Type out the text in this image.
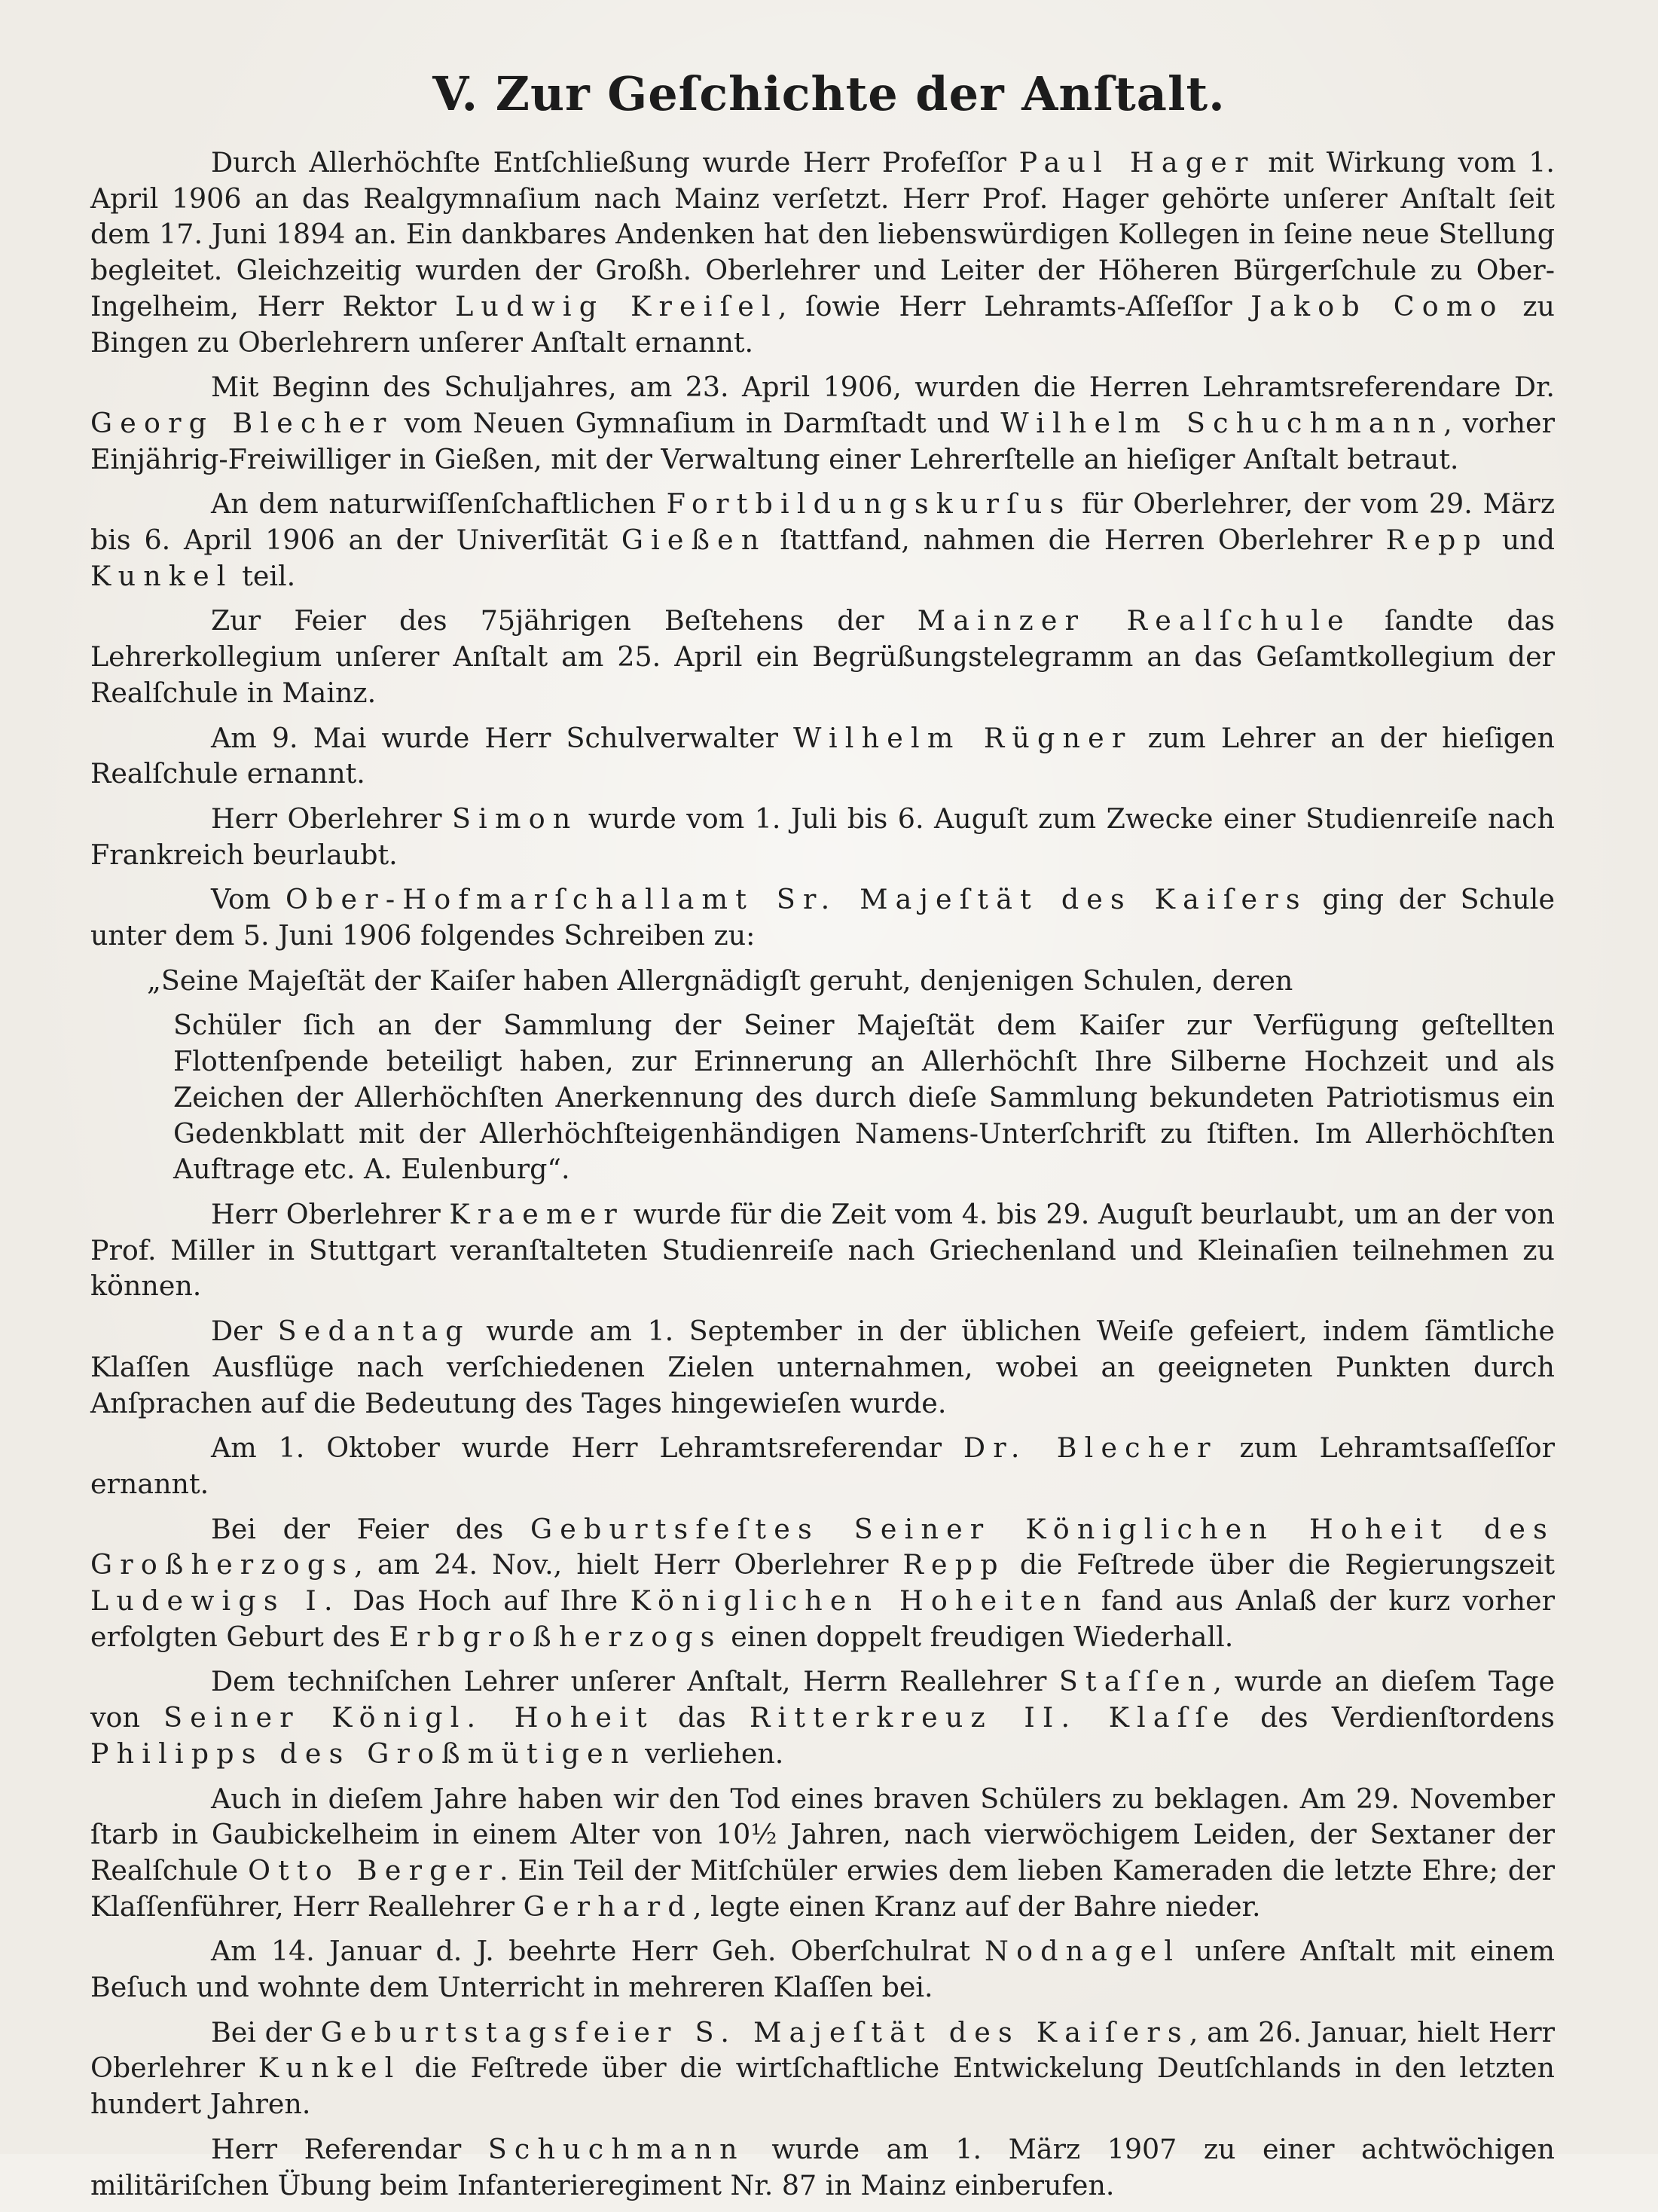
V. Zur Geſchichte der Anſtalt.

Durch Allerhöchſte Entſchließung wurde Herr Profeſſor Paul Hager mit Wirkung vom 1. April 1906 an das Realgymnaſium nach Mainz verſetzt. Herr Prof. Hager gehörte unſerer Anſtalt ſeit dem 17. Juni 1894 an. Ein dankbares Andenken hat den liebenswürdigen Kollegen in ſeine neue Stellung begleitet. Gleichzeitig wurden der Großh. Oberlehrer und Leiter der Höheren Bürgerſchule zu Ober-Ingelheim, Herr Rektor Ludwig Kreiſel, ſowie Herr Lehramts-Aſſeſſor Jakob Como zu Bingen zu Oberlehrern unſerer Anſtalt ernannt.

Mit Beginn des Schuljahres, am 23. April 1906, wurden die Herren Lehramtsreferendare Dr. Georg Blecher vom Neuen Gymnaſium in Darmſtadt und Wilhelm Schuchmann, vorher Einjährig-Freiwilliger in Gießen, mit der Verwaltung einer Lehrerſtelle an hieſiger Anſtalt betraut.

An dem naturwiſſenſchaftlichen Fortbildungskurſus für Oberlehrer, der vom 29. März bis 6. April 1906 an der Univerſität Gießen ſtattfand, nahmen die Herren Oberlehrer Repp und Kunkel teil.

Zur Feier des 75jährigen Beſtehens der Mainzer Realſchule ſandte das Lehrerkollegium unſerer Anſtalt am 25. April ein Begrüßungstelegramm an das Geſamtkollegium der Realſchule in Mainz.

Am 9. Mai wurde Herr Schulverwalter Wilhelm Rügner zum Lehrer an der hieſigen Realſchule ernannt.

Herr Oberlehrer Simon wurde vom 1. Juli bis 6. Auguſt zum Zwecke einer Studienreiſe nach Frankreich beurlaubt.

Vom Ober-Hofmarſchallamt Sr. Majeſtät des Kaiſers ging der Schule unter dem 5. Juni 1906 folgendes Schreiben zu:

„Seine Majeſtät der Kaiſer haben Allergnädigſt geruht, denjenigen Schulen, deren

Schüler ſich an der Sammlung der Seiner Majeſtät dem Kaiſer zur Verfügung geſtellten Flottenſpende beteiligt haben, zur Erinnerung an Allerhöchſt Ihre Silberne Hochzeit und als Zeichen der Allerhöchſten Anerkennung des durch dieſe Sammlung bekundeten Patriotismus ein Gedenkblatt mit der Allerhöchſteigenhändigen Namens-Unterſchrift zu ſtiften. Im Allerhöchſten Auftrage etc. A. Eulenburg“.

Herr Oberlehrer Kraemer wurde für die Zeit vom 4. bis 29. Auguſt beurlaubt, um an der von Prof. Miller in Stuttgart veranſtalteten Studienreiſe nach Griechenland und Kleinaſien teilnehmen zu können.

Der Sedantag wurde am 1. September in der üblichen Weiſe gefeiert, indem ſämtliche Klaſſen Ausflüge nach verſchiedenen Zielen unternahmen, wobei an geeigneten Punkten durch Anſprachen auf die Bedeutung des Tages hingewieſen wurde.

Am 1. Oktober wurde Herr Lehramtsreferendar Dr. Blecher zum Lehramtsaſſeſſor ernannt.

Bei der Feier des Geburtsfeſtes Seiner Königlichen Hoheit des Großherzogs, am 24. Nov., hielt Herr Oberlehrer Repp die Feſtrede über die Regierungszeit Ludewigs I. Das Hoch auf Ihre Königlichen Hoheiten fand aus Anlaß der kurz vorher erfolgten Geburt des Erbgroßherzogs einen doppelt freudigen Wiederhall.

Dem techniſchen Lehrer unſerer Anſtalt, Herrn Reallehrer Staſſen, wurde an dieſem Tage von Seiner Königl. Hoheit das Ritterkreuz II. Klaſſe des Verdienſtordens Philipps des Großmütigen verliehen.

Auch in dieſem Jahre haben wir den Tod eines braven Schülers zu beklagen. Am 29. November ſtarb in Gaubickelheim in einem Alter von 10½ Jahren, nach vierwöchigem Leiden, der Sextaner der Realſchule Otto Berger. Ein Teil der Mitſchüler erwies dem lieben Kameraden die letzte Ehre; der Klaſſenführer, Herr Reallehrer Gerhard, legte einen Kranz auf der Bahre nieder.

Am 14. Januar d. J. beehrte Herr Geh. Oberſchulrat Nodnagel unſere Anſtalt mit einem Beſuch und wohnte dem Unterricht in mehreren Klaſſen bei.

Bei der Geburtstagsfeier S. Majeſtät des Kaiſers, am 26. Januar, hielt Herr Oberlehrer Kunkel die Feſtrede über die wirtſchaftliche Entwickelung Deutſchlands in den letzten hundert Jahren.

Herr Referendar Schuchmann wurde am 1. März 1907 zu einer achtwöchigen militäriſchen Übung beim Infanterieregiment Nr. 87 in Mainz einberufen.
